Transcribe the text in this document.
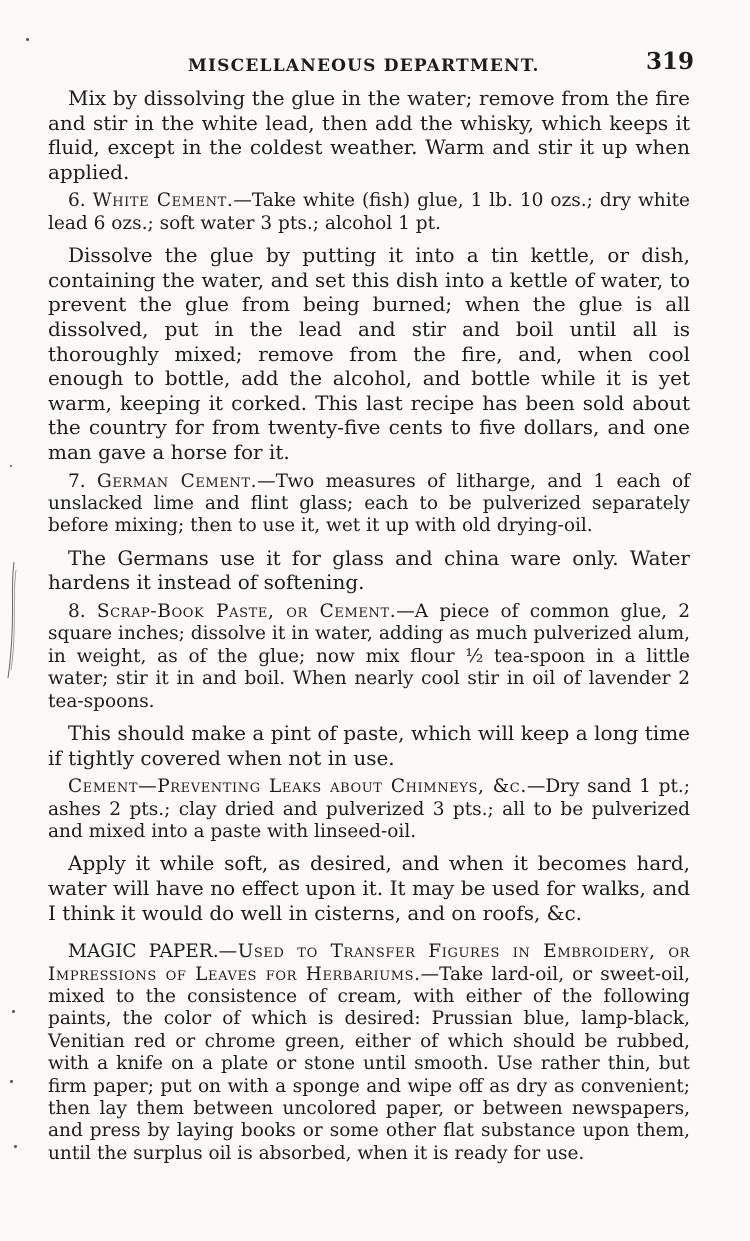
MISCELLANEOUS DEPARTMENT.	319

Mix by dissolving the glue in the water; remove from the fire and stir in the white lead, then add the whisky, which keeps it fluid, except in the coldest weather. Warm and stir it up when applied.

6. White Cement.—Take white (fish) glue, 1 lb. 10 ozs.; dry white lead 6 ozs.; soft water 3 pts.; alcohol 1 pt.

Dissolve the glue by putting it into a tin kettle, or dish, containing the water, and set this dish into a kettle of water, to prevent the glue from being burned; when the glue is all dissolved, put in the lead and stir and boil until all is thoroughly mixed; remove from the fire, and, when cool enough to bottle, add the alcohol, and bottle while it is yet warm, keeping it corked. This last recipe has been sold about the country for from twenty-five cents to five dollars, and one man gave a horse for it.

7. German Cement.—Two measures of litharge, and 1 each of unslacked lime and flint glass; each to be pulverized separately before mixing; then to use it, wet it up with old drying-oil.

The Germans use it for glass and china ware only. Water hardens it instead of softening.

8. Scrap-Book Paste, or Cement.—A piece of common glue, 2 square inches; dissolve it in water, adding as much pulverized alum, in weight, as of the glue; now mix flour ½ tea-spoon in a little water; stir it in and boil. When nearly cool stir in oil of lavender 2 tea-spoons.

This should make a pint of paste, which will keep a long time if tightly covered when not in use.

Cement—Preventing Leaks about Chimneys, &c.—Dry sand 1 pt.; ashes 2 pts.; clay dried and pulverized 3 pts.; all to be pulverized and mixed into a paste with linseed-oil.

Apply it while soft, as desired, and when it becomes hard, water will have no effect upon it. It may be used for walks, and I think it would do well in cisterns, and on roofs, &c.

MAGIC PAPER.—Used to Transfer Figures in Embroidery, or Impressions of Leaves for Herbariums.—Take lard-oil, or sweet-oil, mixed to the consistence of cream, with either of the following paints, the color of which is desired: Prussian blue, lamp-black, Venitian red or chrome green, either of which should be rubbed, with a knife on a plate or stone until smooth. Use rather thin, but firm paper; put on with a sponge and wipe off as dry as convenient; then lay them between uncolored paper, or between newspapers, and press by laying books or some other flat substance upon them, until the surplus oil is absorbed, when it is ready for use.
